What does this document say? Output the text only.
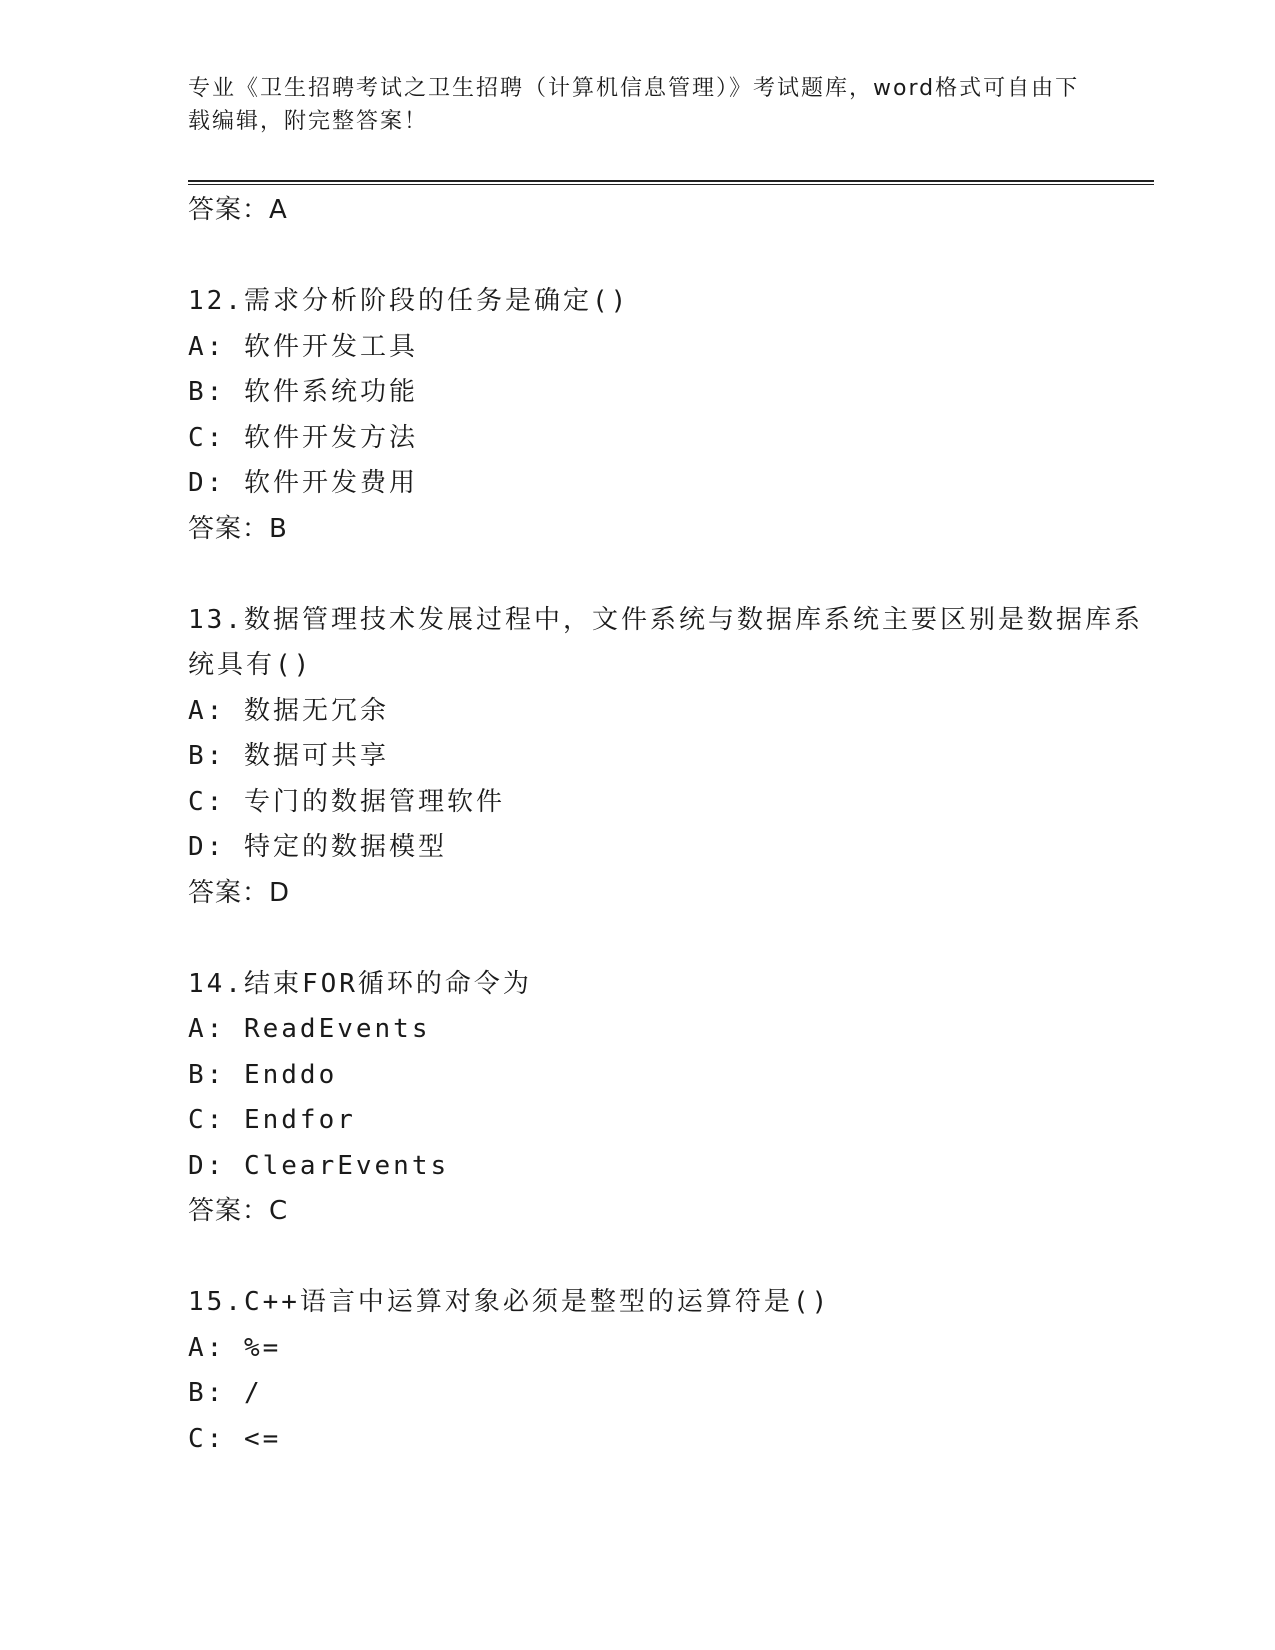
专业《卫生招聘考试之卫生招聘（计算机信息管理）》考试题库，word格式可自由下载编辑，附完整答案！
答案：A
12.需求分析阶段的任务是确定()
A: 软件开发工具
B: 软件系统功能
C: 软件开发方法
D: 软件开发费用
答案：B
13.数据管理技术发展过程中，文件系统与数据库系统主要区别是数据库系统具有()
A: 数据无冗余
B: 数据可共享
C: 专门的数据管理软件
D: 特定的数据模型
答案：D
14.结束FOR循环的命令为
A: ReadEvents
B: Enddo
C: Endfor
D: ClearEvents
答案：C
15.C++语言中运算对象必须是整型的运算符是()
A: %=
B: /
C: <=
